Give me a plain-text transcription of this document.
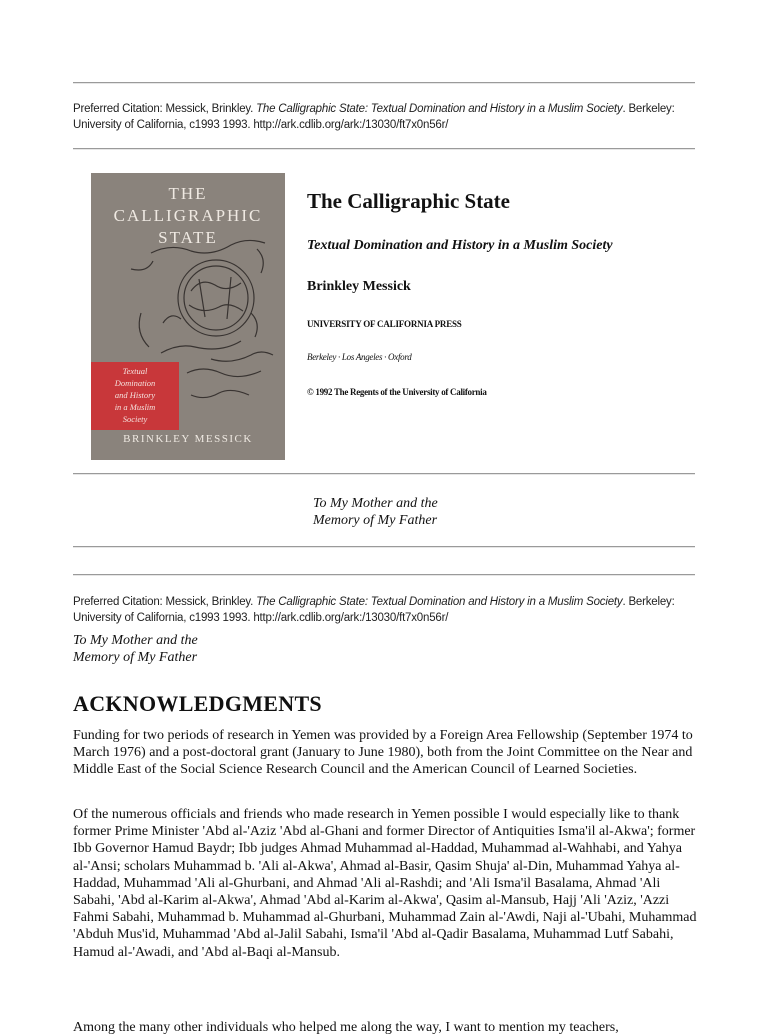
Preferred Citation: Messick, Brinkley. The Calligraphic State: Textual Domination and History in a Muslim Society. Berkeley: University of California, c1993 1993. http://ark.cdlib.org/ark:/13030/ft7x0n56r/
THE
CALLIGRAPHIC
STATE
Textual
Domination
and History
in a Muslim
Society
BRINKLEY MESSICK
The Calligraphic State
Textual Domination and History in a Muslim Society
Brinkley Messick
UNIVERSITY OF CALIFORNIA PRESS
Berkeley · Los Angeles · Oxford
© 1992 The Regents of the University of California
To My Mother and the
Memory of My Father
Preferred Citation: Messick, Brinkley. The Calligraphic State: Textual Domination and History in a Muslim Society. Berkeley: University of California, c1993 1993. http://ark.cdlib.org/ark:/13030/ft7x0n56r/
To My Mother and the
Memory of My Father
ACKNOWLEDGMENTS

Funding for two periods of research in Yemen was provided by a Foreign Area Fellowship (September 1974 to March 1976) and a post-doctoral grant (January to June 1980), both from the Joint Committee on the Near and Middle East of the Social Science Research Council and the American Council of Learned Societies.

Of the numerous officials and friends who made research in Yemen possible I would especially like to thank former Prime Minister 'Abd al-'Aziz 'Abd al-Ghani and former Director of Antiquities Isma'il al-Akwa'; former Ibb Governor Hamud Baydr; Ibb judges Ahmad Muhammad al-Haddad, Muhammad al-Wahhabi, and Yahya al-'Ansi; scholars Muhammad b. 'Ali al-Akwa', Ahmad al-Basir, Qasim Shuja' al-Din, Muhammad Yahya al-Haddad, Muhammad 'Ali al-Ghurbani, and Ahmad 'Ali al-Rashdi; and 'Ali Isma'il Basalama, Ahmad 'Ali Sabahi, 'Abd al-Karim al-Akwa', Ahmad 'Abd al-Karim al-Akwa', Qasim al-Mansub, Hajj 'Ali 'Aziz, 'Azzi Fahmi Sabahi, Muhammad b. Muhammad al-Ghurbani, Muhammad Zain al-'Awdi, Naji al-'Ubahi, Muhammad 'Abduh Mus'id, Muhammad 'Abd al-Jalil Sabahi, Isma'il 'Abd al-Qadir Basalama, Muhammad Lutf Sabahi, Hamud al-'Awadi, and 'Abd al-Baqi al-Mansub.

Among the many other individuals who helped me along the way, I want to mention my teachers,
